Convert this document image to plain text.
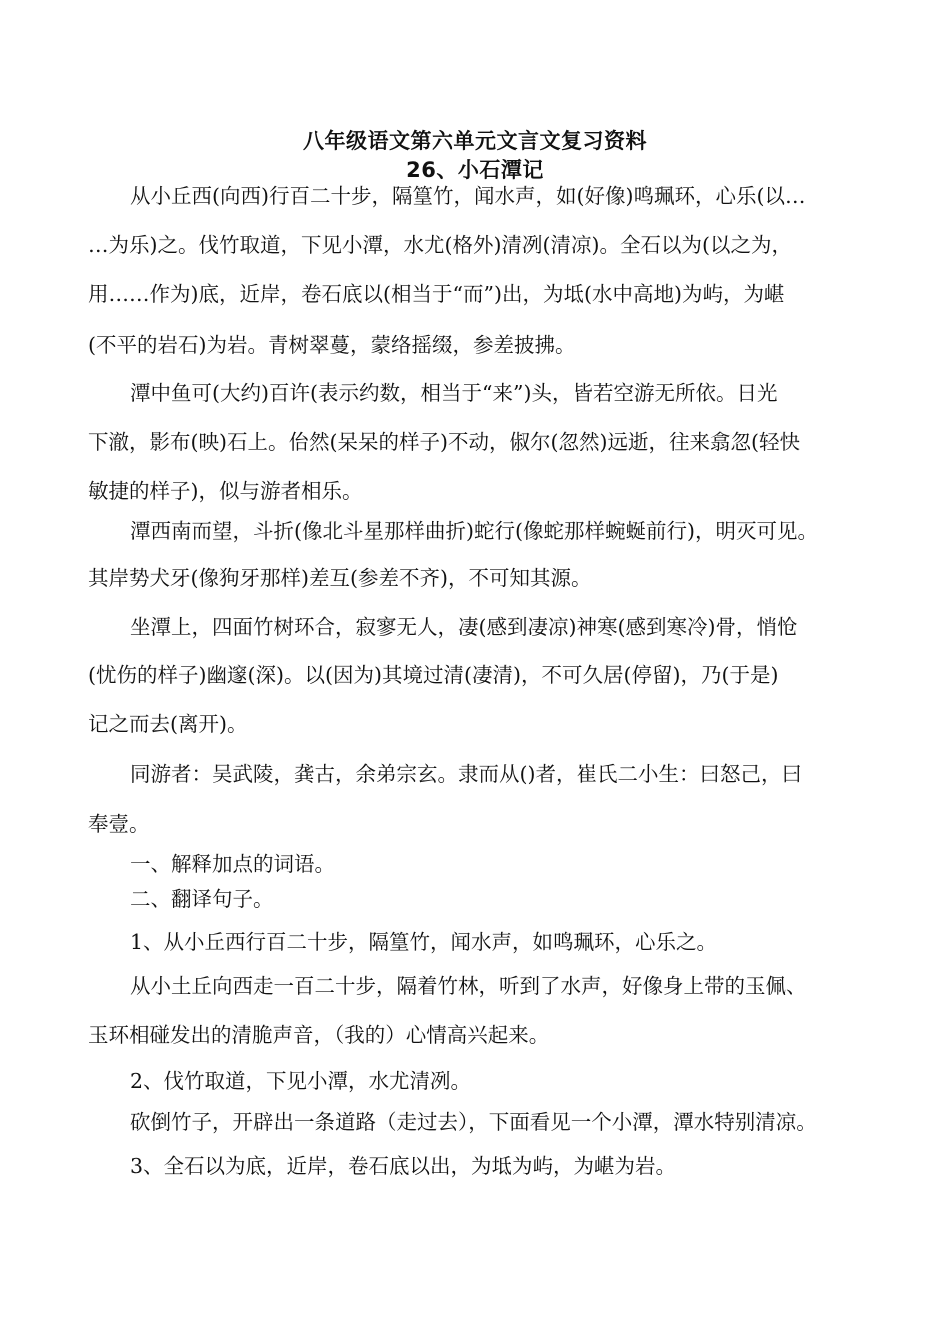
八年级语文第六单元文言文复习资料
26、小石潭记
从小丘西(向西)行百二十步，隔篁竹，闻水声，如(好像)鸣珮环，心乐(以…
…为乐)之。伐竹取道，下见小潭，水尤(格外)清冽(清凉)。全石以为(以之为，
用……作为)底，近岸，卷石底以(相当于“而”)出，为坻(水中高地)为屿，为嵁
(不平的岩石)为岩。青树翠蔓，蒙络摇缀，参差披拂。
潭中鱼可(大约)百许(表示约数，相当于“来”)头，皆若空游无所依。日光
下澈，影布(映)石上。佁然(呆呆的样子)不动，俶尔(忽然)远逝，往来翕忽(轻快
敏捷的样子)，似与游者相乐。
潭西南而望，斗折(像北斗星那样曲折)蛇行(像蛇那样蜿蜒前行)，明灭可见。
其岸势犬牙(像狗牙那样)差互(参差不齐)，不可知其源。
坐潭上，四面竹树环合，寂寥无人，凄(感到凄凉)神寒(感到寒冷)骨，悄怆
(忧伤的样子)幽邃(深)。以(因为)其境过清(凄清)，不可久居(停留)，乃(于是)
记之而去(离开)。
同游者：吴武陵，龚古，余弟宗玄。隶而从()者，崔氏二小生：曰怒己，曰
奉壹。
一、解释加点的词语。
二、翻译句子。
1、从小丘西行百二十步，隔篁竹，闻水声，如鸣珮环，心乐之。
从小土丘向西走一百二十步，隔着竹林，听到了水声，好像身上带的玉佩、
玉环相碰发出的清脆声音，（我的）心情高兴起来。
2、伐竹取道，下见小潭，水尤清冽。
砍倒竹子，开辟出一条道路（走过去），下面看见一个小潭，潭水特别清凉。
3、全石以为底，近岸，卷石底以出，为坻为屿，为嵁为岩。
